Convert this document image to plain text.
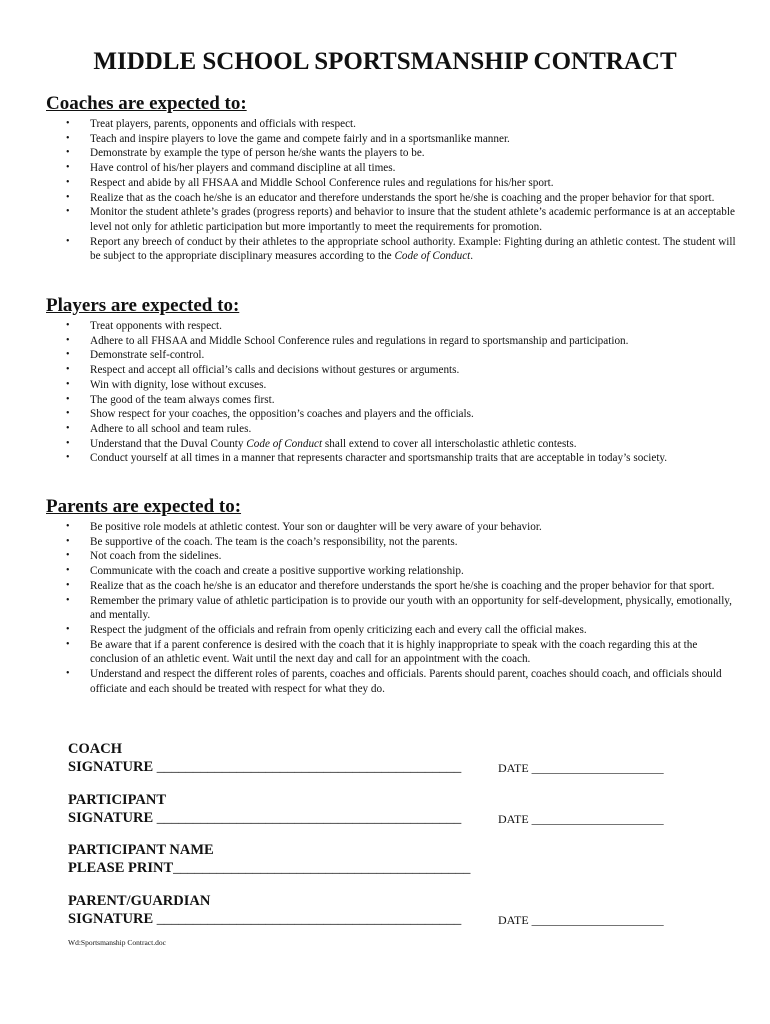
MIDDLE SCHOOL SPORTSMANSHIP CONTRACT
Coaches are expected to:
• Treat players, parents, opponents and officials with respect.
• Teach and inspire players to love the game and compete fairly and in a sportsmanlike manner.
• Demonstrate by example the type of person he/she wants the players to be.
• Have control of his/her players and command discipline at all times.
• Respect and abide by all FHSAA and Middle School Conference rules and regulations for his/her sport.
• Realize that as the coach he/she is an educator and therefore understands the sport he/she is coaching and the proper behavior for that sport.
• Monitor the student athlete’s grades (progress reports) and behavior to insure that the student athlete’s academic performance is at an acceptable level not only for athletic participation but more importantly to meet the requirements for promotion.
• Report any breech of conduct by their athletes to the appropriate school authority. Example: Fighting during an athletic contest. The student will be subject to the appropriate disciplinary measures according to the Code of Conduct.
Players are expected to:
• Treat opponents with respect.
• Adhere to all FHSAA and Middle School Conference rules and regulations in regard to sportsmanship and participation.
• Demonstrate self-control.
• Respect and accept all official’s calls and decisions without gestures or arguments.
• Win with dignity, lose without excuses.
• The good of the team always comes first.
• Show respect for your coaches, the opposition’s coaches and players and the officials.
• Adhere to all school and team rules.
• Understand that the Duval County Code of Conduct shall extend to cover all interscholastic athletic contests.
• Conduct yourself at all times in a manner that represents character and sportsmanship traits that are acceptable in today’s society.
Parents are expected to:
• Be positive role models at athletic contest. Your son or daughter will be very aware of your behavior.
• Be supportive of the coach. The team is the coach’s responsibility, not the parents.
• Not coach from the sidelines.
• Communicate with the coach and create a positive supportive working relationship.
• Realize that as the coach he/she is an educator and therefore understands the sport he/she is coaching and the proper behavior for that sport.
• Remember the primary value of athletic participation is to provide our youth with an opportunity for self-development, physically, emotionally, and mentally.
• Respect the judgment of the officials and refrain from openly criticizing each and every call the official makes.
• Be aware that if a parent conference is desired with the coach that it is highly inappropriate to speak with the coach regarding this at the conclusion of an athletic event. Wait until the next day and call for an appointment with the coach.
• Understand and respect the different roles of parents, coaches and officials. Parents should parent, coaches should coach, and officials should officiate and each should be treated with respect for what they do.
COACH
SIGNATURE __________________________________________	DATE ______________________
PARTICIPANT
SIGNATURE __________________________________________	DATE ______________________
PARTICIPANT NAME
PLEASE PRINT_________________________________________
PARENT/GUARDIAN
SIGNATURE __________________________________________	DATE ______________________
Wd:Sportsmanship Contract.doc
